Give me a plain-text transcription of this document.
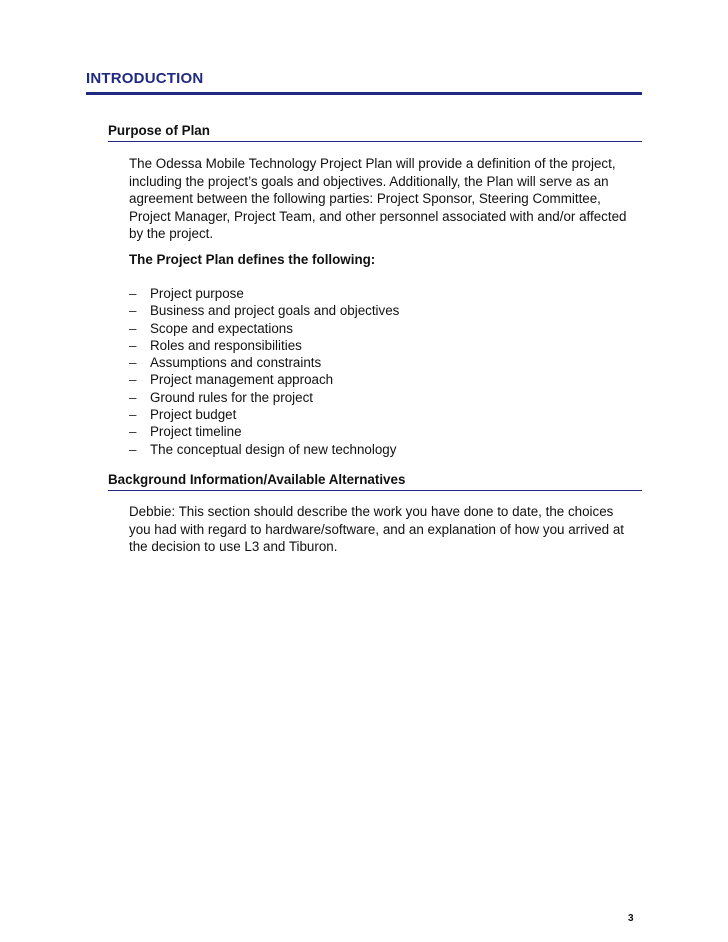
INTRODUCTION
Purpose of Plan

The Odessa Mobile Technology Project Plan will provide a definition of the project, including the project’s goals and objectives. Additionally, the Plan will serve as an agreement between the following parties: Project Sponsor, Steering Committee, Project Manager, Project Team, and other personnel associated with and/or affected by the project.

The Project Plan defines the following:

–	Project purpose
–	Business and project goals and objectives
–	Scope and expectations
–	Roles and responsibilities
–	Assumptions and constraints
–	Project management approach
–	Ground rules for the project
–	Project budget
–	Project timeline
–	The conceptual design of new technology
Background Information/Available Alternatives

Debbie: This section should describe the work you have done to date, the choices you had with regard to hardware/software, and an explanation of how you arrived at the decision to use L3 and Tiburon.

3
